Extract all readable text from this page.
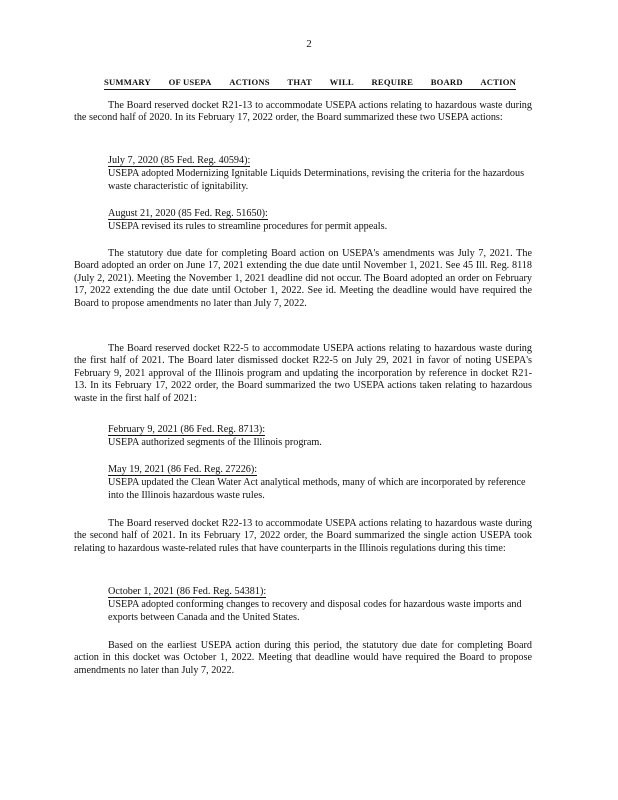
2
SUMMARY OF USEPA ACTIONS THAT WILL REQUIRE BOARD ACTION
The Board reserved docket R21-13 to accommodate USEPA actions relating to hazardous waste during the second half of 2020. In its February 17, 2022 order, the Board summarized these two USEPA actions:
July 7, 2020 (85 Fed. Reg. 40594):
USEPA adopted Modernizing Ignitable Liquids Determinations, revising the criteria for the hazardous waste characteristic of ignitability.
August 21, 2020 (85 Fed. Reg. 51650):
USEPA revised its rules to streamline procedures for permit appeals.
The statutory due date for completing Board action on USEPA's amendments was July 7, 2021. The Board adopted an order on June 17, 2021 extending the due date until November 1, 2021. See 45 Ill. Reg. 8118 (July 2, 2021). Meeting the November 1, 2021 deadline did not occur. The Board adopted an order on February 17, 2022 extending the due date until October 1, 2022. See id. Meeting the deadline would have required the Board to propose amendments no later than July 7, 2022.
The Board reserved docket R22-5 to accommodate USEPA actions relating to hazardous waste during the first half of 2021. The Board later dismissed docket R22-5 on July 29, 2021 in favor of noting USEPA's February 9, 2021 approval of the Illinois program and updating the incorporation by reference in docket R21-13. In its February 17, 2022 order, the Board summarized the two USEPA actions taken relating to hazardous waste in the first half of 2021:
February 9, 2021 (86 Fed. Reg. 8713):
USEPA authorized segments of the Illinois program.
May 19, 2021 (86 Fed. Reg. 27226):
USEPA updated the Clean Water Act analytical methods, many of which are incorporated by reference into the Illinois hazardous waste rules.
The Board reserved docket R22-13 to accommodate USEPA actions relating to hazardous waste during the second half of 2021. In its February 17, 2022 order, the Board summarized the single action USEPA took relating to hazardous waste-related rules that have counterparts in the Illinois regulations during this time:
October 1, 2021 (86 Fed. Reg. 54381):
USEPA adopted conforming changes to recovery and disposal codes for hazardous waste imports and exports between Canada and the United States.
Based on the earliest USEPA action during this period, the statutory due date for completing Board action in this docket was October 1, 2022. Meeting that deadline would have required the Board to propose amendments no later than July 7, 2022.
